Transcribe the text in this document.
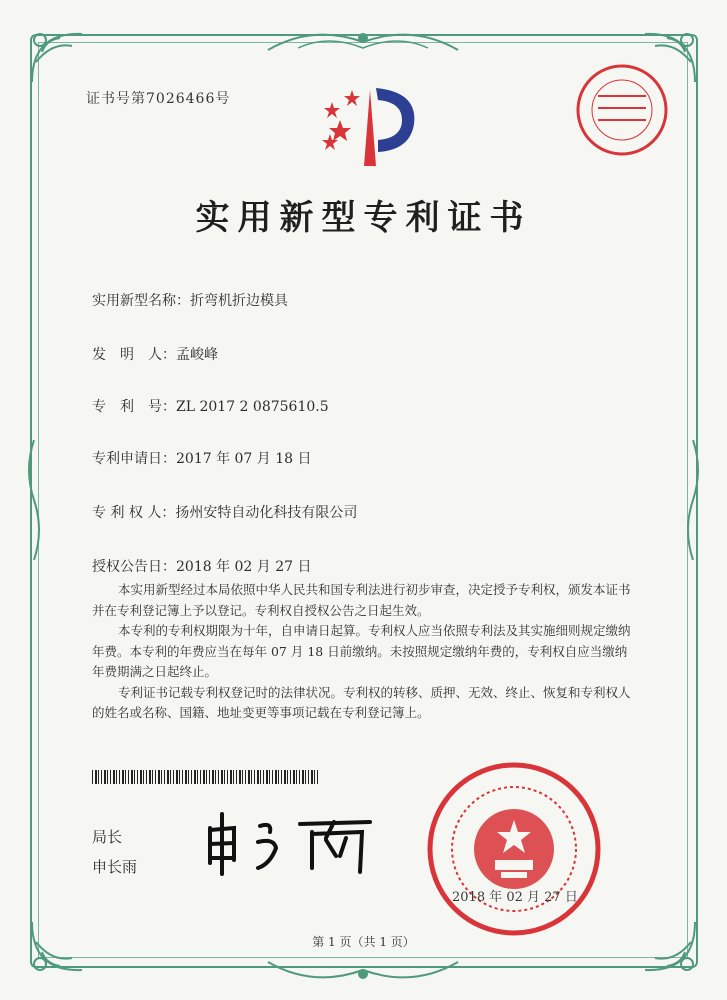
证书号第7026466号
实用新型专利证书
实用新型名称：折弯机折边模具
发　明　人：孟峻峰
专　利　号：ZL 2017 2 0875610.5
专利申请日：2017 年 07 月 18 日
专 利 权 人：扬州安特自动化科技有限公司
授权公告日：2018 年 02 月 27 日

本实用新型经过本局依照中华人民共和国专利法进行初步审查，决定授予专利权，颁发本证书并在专利登记簿上予以登记。专利权自授权公告之日起生效。

本专利的专利权期限为十年，自申请日起算。专利权人应当依照专利法及其实施细则规定缴纳年费。本专利的年费应当在每年 07 月 18 日前缴纳。未按照规定缴纳年费的，专利权自应当缴纳年费期满之日起终止。

专利证书记载专利权登记时的法律状况。专利权的转移、质押、无效、终止、恢复和专利权人的姓名或名称、国籍、地址变更等事项记载在专利登记簿上。

局长
申长雨
2018 年 02 月 27 日
第 1 页（共 1 页）
